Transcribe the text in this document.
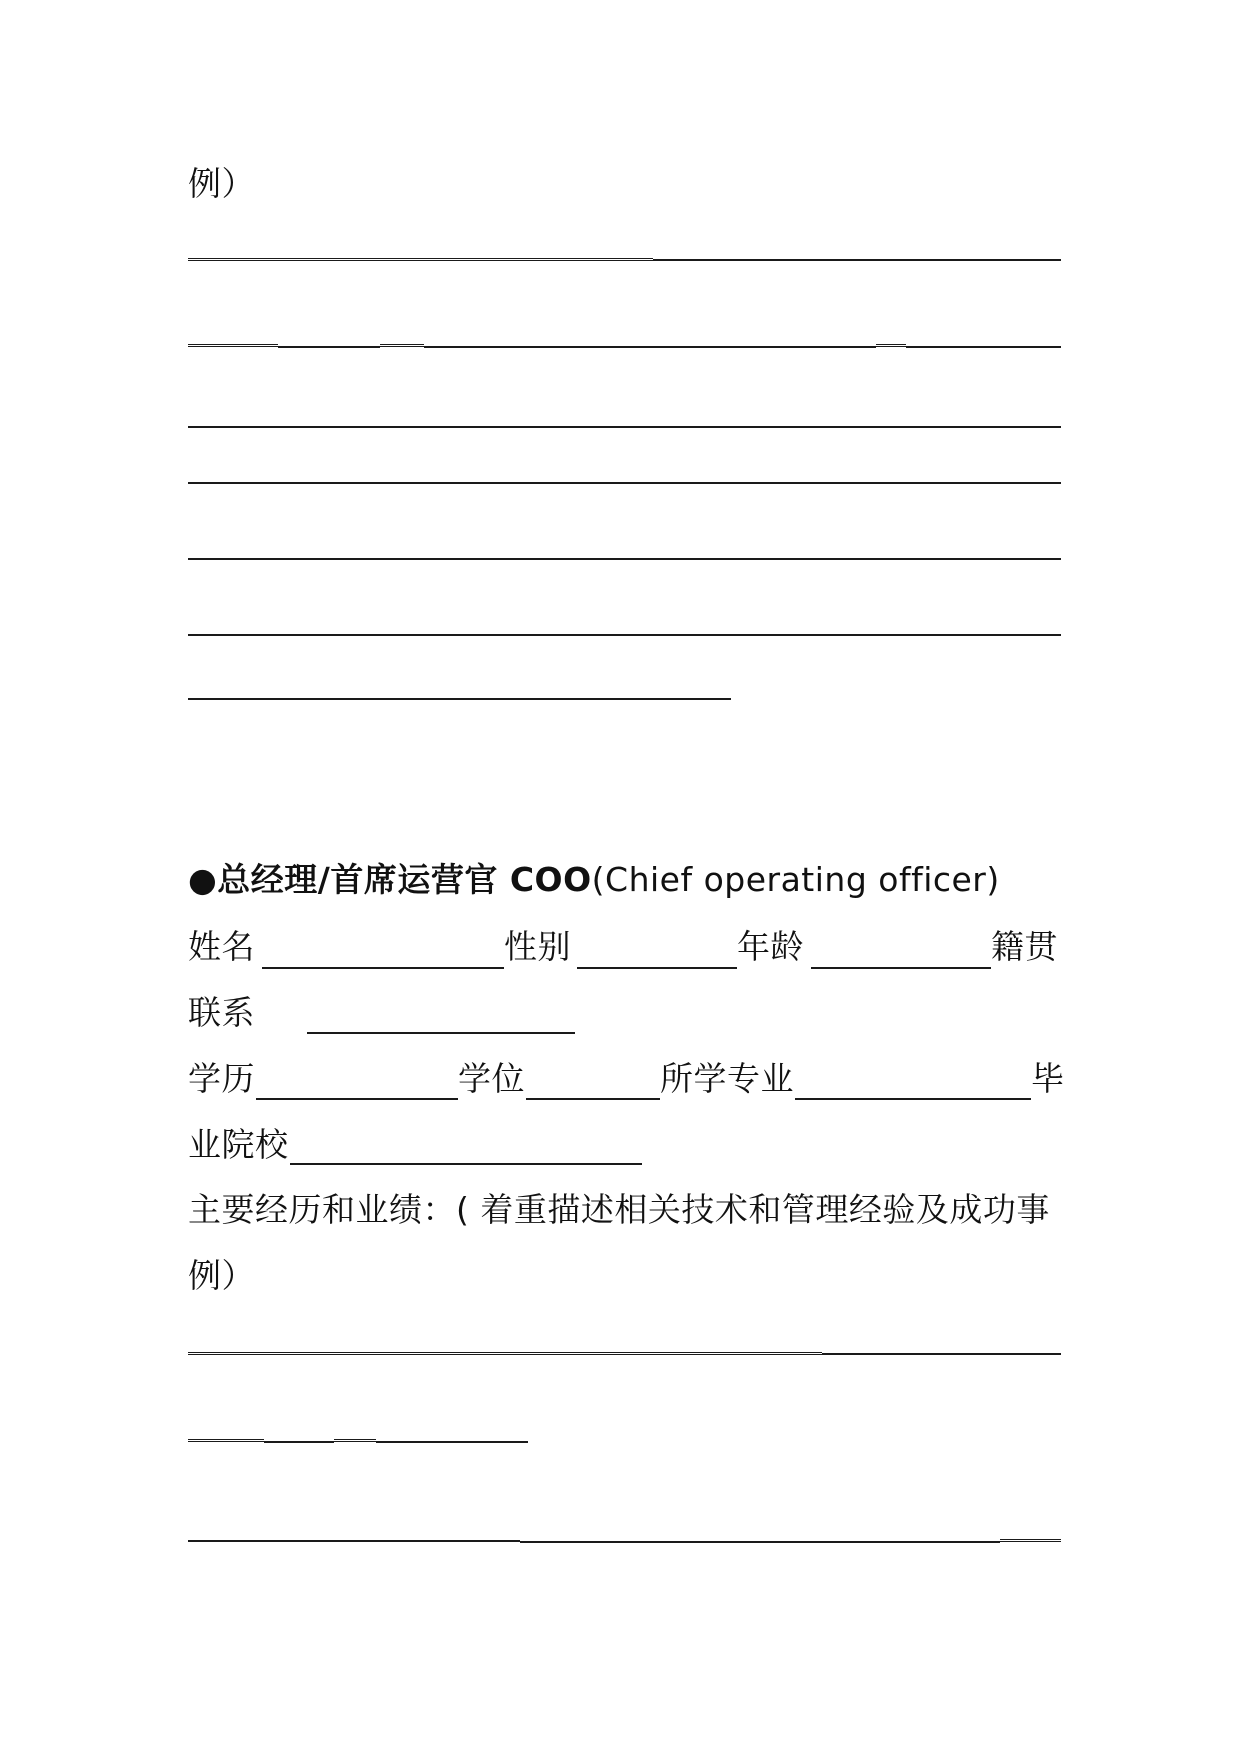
例）
●总经理/首席运营官 COO(Chief operating officer)
姓名	性别	年龄	籍贯
联系
学历	学位	所学专业	毕
业院校
主要经历和业绩：( 着重描述相关技术和管理经验及成功事
例）
